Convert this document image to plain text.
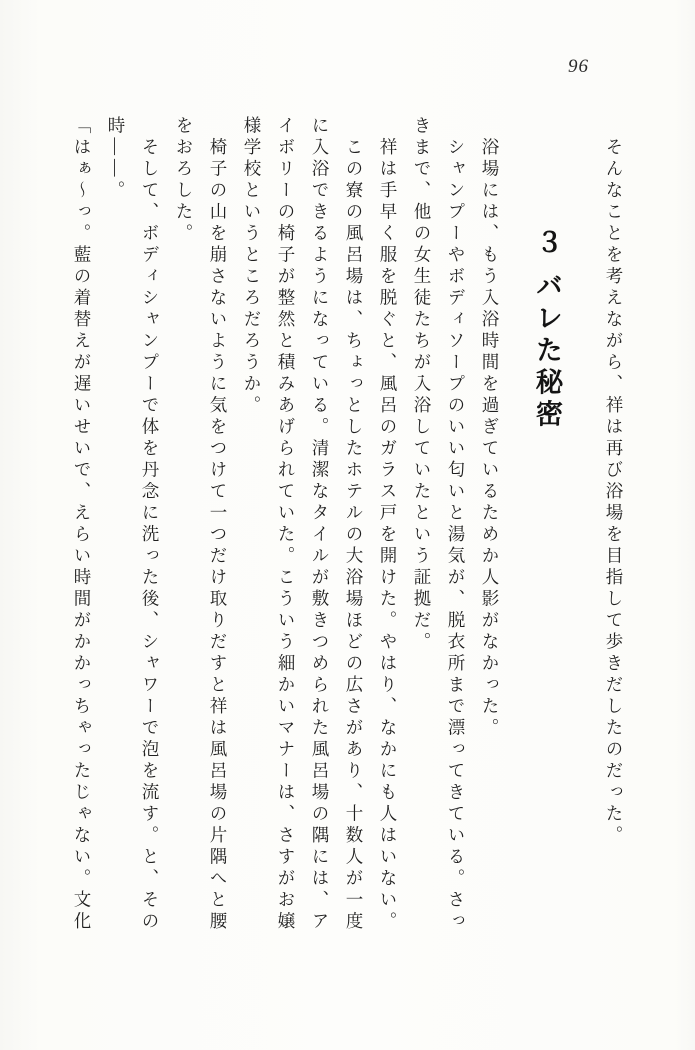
96

　そんなことを考えながら、祥は再び浴場を目指して歩きだしたのだった。

３ バレた秘密

　浴場には、もう入浴時間を過ぎているためか人影がなかった。

　シャンプーやボディソープのいい匂いと湯気が、脱衣所まで漂ってきている。さっ

きまで、他の女生徒たちが入浴していたという証拠だ。

　祥は手早く服を脱ぐと、風呂のガラス戸を開けた。やはり、なかにも人はいない。

　この寮の風呂場は、ちょっとしたホテルの大浴場ほどの広さがあり、十数人が一度

に入浴できるようになっている。清潔なタイルが敷きつめられた風呂場の隅には、ア

イボリーの椅子が整然と積みあげられていた。こういう細かいマナーは、さすがお嬢

様学校というところだろうか。

　椅子の山を崩さないように気をつけて一つだけ取りだすと祥は風呂場の片隅へと腰

をおろした。

　そして、ボディシャンプーで体を丹念に洗った後、シャワーで泡を流す。と、その

時――。

「はぁ～っ。藍の着替えが遅いせいで、えらい時間がかかっちゃったじゃない。文化
